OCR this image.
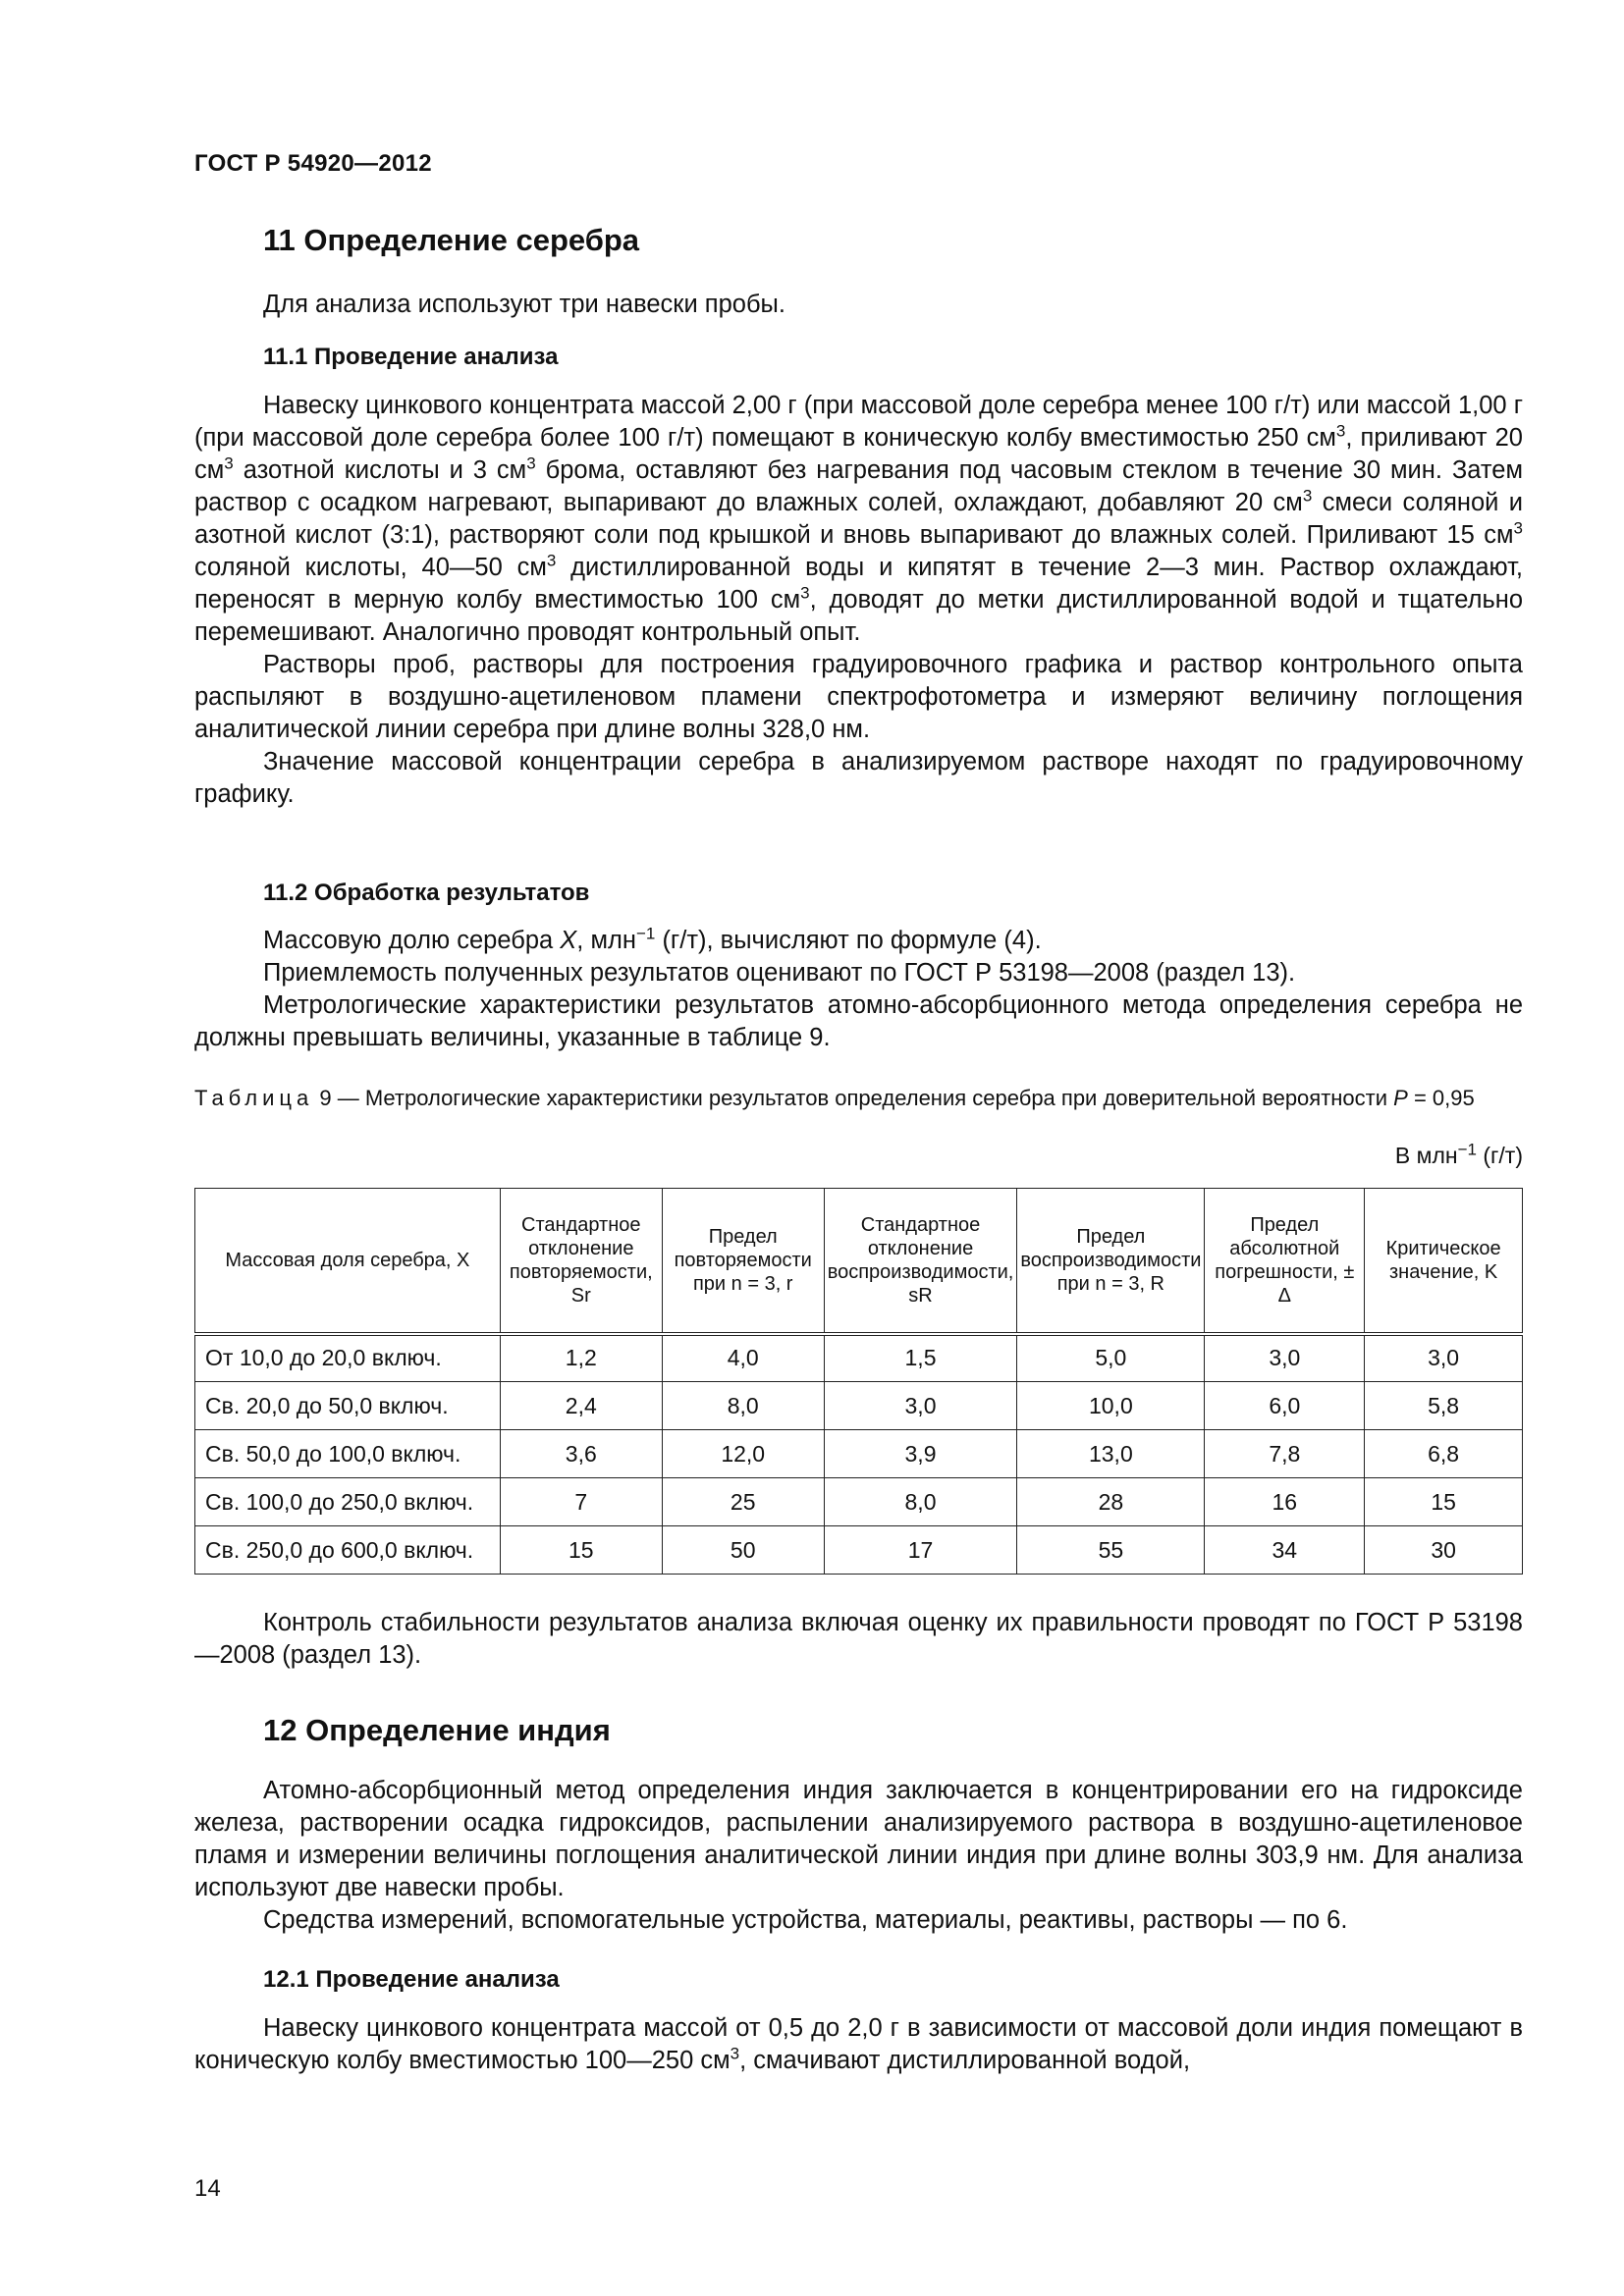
ГОСТ Р 54920—2012
11 Определение серебра

Для анализа используют три навески пробы.

11.1 Проведение анализа

Навеску цинкового концентрата массой 2,00 г (при массовой доле серебра менее 100 г/т) или массой 1,00 г (при массовой доле серебра более 100 г/т) помещают в коническую колбу вместимостью 250 $см^3$, приливают 20 $см^3$ азотной кислоты и 3 $см^3$ брома, оставляют без нагревания под часовым стеклом в течение 30 мин. Затем раствор с осадком нагревают, выпаривают до влажных солей, охлаждают, добавляют 20 $см^3$ смеси соляной и азотной кислот (3:1), растворяют соли под крышкой и вновь выпаривают до влажных солей. Приливают 15 $см^3$ соляной кислоты, 40—50 $см^3$ дистиллированной воды и кипятят в течение 2—3 мин. Раствор охлаждают, переносят в мерную колбу вместимостью 100 $см^3$, доводят до метки дистиллированной водой и тщательно перемешивают. Аналогично проводят контрольный опыт.

Растворы проб, растворы для построения градуировочного графика и раствор контрольного опыта распыляют в воздушно-ацетиленовом пламени спектрофотометра и измеряют величину поглощения аналитической линии серебра при длине волны 328,0 нм.

Значение массовой концентрации серебра в анализируемом растворе находят по градуировочному графику.

11.2 Обработка результатов

Массовую долю серебра X, млн$^{-1}$ (г/т), вычисляют по формуле (4).

Приемлемость полученных результатов оценивают по ГОСТ Р 53198—2008 (раздел 13).

Метрологические характеристики результатов атомно-абсорбционного метода определения серебра не должны превышать величины, указанные в таблице 9.

Таблица 9 — Метрологические характеристики результатов определения серебра при доверительной вероятности P = 0,95
В млн$^{-1}$ (г/т)
Массовая доля серебра, X	Стандартное отклонение повторяемости, Sr	Предел повторяемости при n = 3, r	Стандартное отклонение воспроизводимости, sR	Предел воспроизводимости при n = 3, R	Предел абсолютной погрешности, ± Δ	Критическое значение, K
От 10,0 до 20,0 включ.	1,2	4,0	1,5	5,0	3,0	3,0
Св. 20,0 до 50,0 включ.	2,4	8,0	3,0	10,0	6,0	5,8
Св. 50,0 до 100,0 включ.	3,6	12,0	3,9	13,0	7,8	6,8
Св. 100,0 до 250,0 включ.	7	25	8,0	28	16	15
Св. 250,0 до 600,0 включ.	15	50	17	55	34	30

Контроль стабильности результатов анализа включая оценку их правильности проводят по ГОСТ Р 53198—2008 (раздел 13).

12 Определение индия

Атомно-абсорбционный метод определения индия заключается в концентрировании его на гидроксиде железа, растворении осадка гидроксидов, распылении анализируемого раствора в воздушно-ацетиленовое пламя и измерении величины поглощения аналитической линии индия при длине волны 303,9 нм. Для анализа используют две навески пробы.

Средства измерений, вспомогательные устройства, материалы, реактивы, растворы — по 6.

12.1 Проведение анализа

Навеску цинкового концентрата массой от 0,5 до 2,0 г в зависимости от массовой доли индия помещают в коническую колбу вместимостью 100—250 $см^3$, смачивают дистиллированной водой,

14
